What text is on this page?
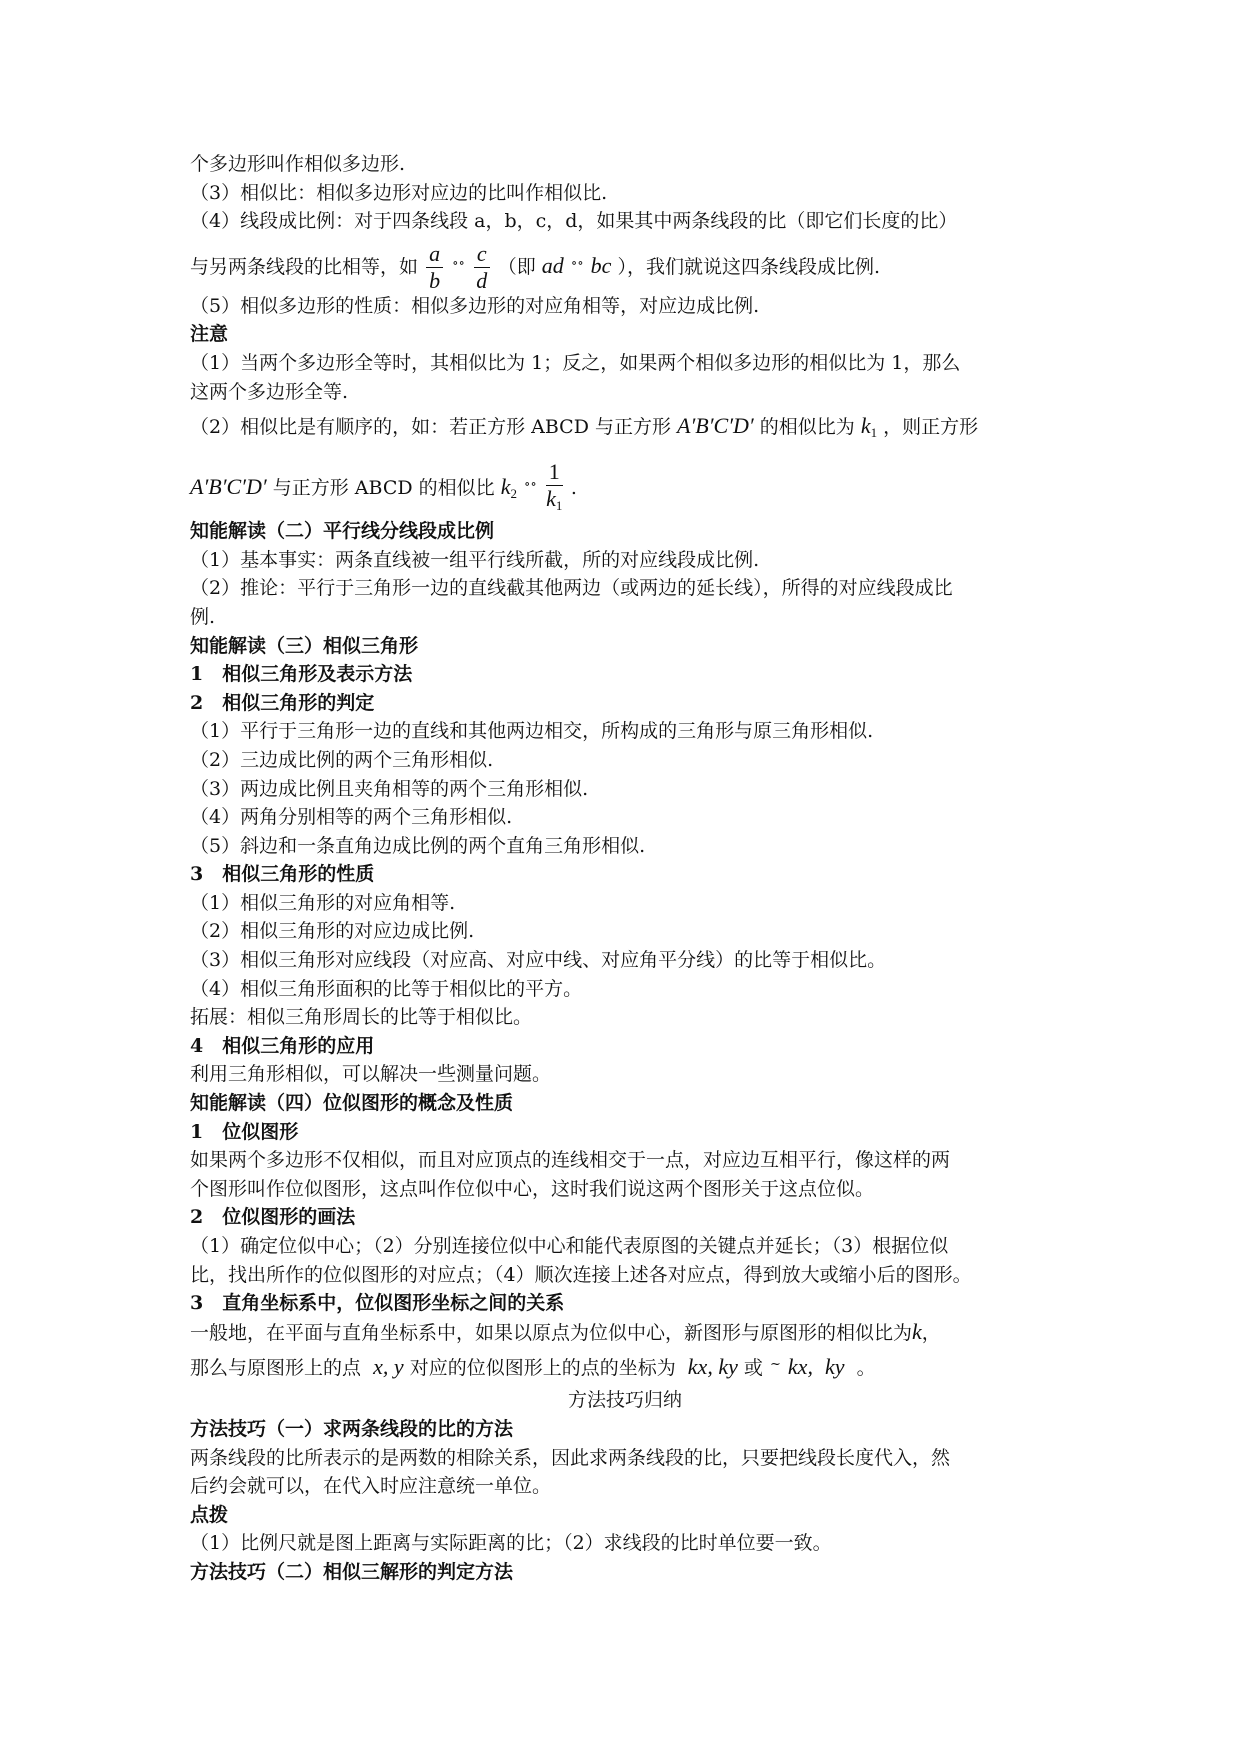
个多边形叫作相似多边形.
（3）相似比：相似多边形对应边的比叫作相似比.
（4）线段成比例：对于四条线段 a，b，c，d，如果其中两条线段的比（即它们长度的比）
与另两条线段的比相等，如 $\frac{a}{b} ^{\circ\circ} \frac{c}{d}$ （即 ad ∘∘ bc ），我们就说这四条线段成比例.
（5）相似多边形的性质：相似多边形的对应角相等，对应边成比例.
注意
（1）当两个多边形全等时，其相似比为 1；反之，如果两个相似多边形的相似比为 1，那么
这两个多边形全等.
（2）相似比是有顺序的，如：若正方形 ABCD 与正方形 A′B′C′D′ 的相似比为 $k_1$ ，则正方形
A′B′C′D′ 与正方形 ABCD 的相似比 $k_2$ $^{\circ\circ} \frac{1}{k_1}$ .
知能解读（二）平行线分线段成比例
（1）基本事实：两条直线被一组平行线所截，所的对应线段成比例.
（2）推论：平行于三角形一边的直线截其他两边（或两边的延长线），所得的对应线段成比
例.
知能解读（三）相似三角形
1　相似三角形及表示方法
2　相似三角形的判定
（1）平行于三角形一边的直线和其他两边相交，所构成的三角形与原三角形相似.
（2）三边成比例的两个三角形相似.
（3）两边成比例且夹角相等的两个三角形相似.
（4）两角分别相等的两个三角形相似.
（5）斜边和一条直角边成比例的两个直角三角形相似.
3　相似三角形的性质
（1）相似三角形的对应角相等.
（2）相似三角形的对应边成比例.
（3）相似三角形对应线段（对应高、对应中线、对应角平分线）的比等于相似比。
（4）相似三角形面积的比等于相似比的平方。
拓展：相似三角形周长的比等于相似比。
4　相似三角形的应用
利用三角形相似，可以解决一些测量问题。
知能解读（四）位似图形的概念及性质
1　位似图形
如果两个多边形不仅相似，而且对应顶点的连线相交于一点，对应边互相平行，像这样的两
个图形叫作位似图形，这点叫作位似中心，这时我们说这两个图形关于这点位似。
2　位似图形的画法
（1）确定位似中心；（2）分别连接位似中心和能代表原图的关键点并延长；（3）根据位似
比，找出所作的位似图形的对应点；（4）顺次连接上述各对应点，得到放大或缩小后的图形。
3　直角坐标系中，位似图形坐标之间的关系
一般地，在平面与直角坐标系中，如果以原点为位似中心，新图形与原图形的相似比为k，
那么与原图形上的点 x, y 对应的位似图形上的点的坐标为 kx, ky 或 ~ kx, ky 。
方法技巧归纳
方法技巧（一）求两条线段的比的方法
两条线段的比所表示的是两数的相除关系，因此求两条线段的比，只要把线段长度代入，然
后约会就可以，在代入时应注意统一单位。
点拨
（1）比例尺就是图上距离与实际距离的比；（2）求线段的比时单位要一致。
方法技巧（二）相似三解形的判定方法
